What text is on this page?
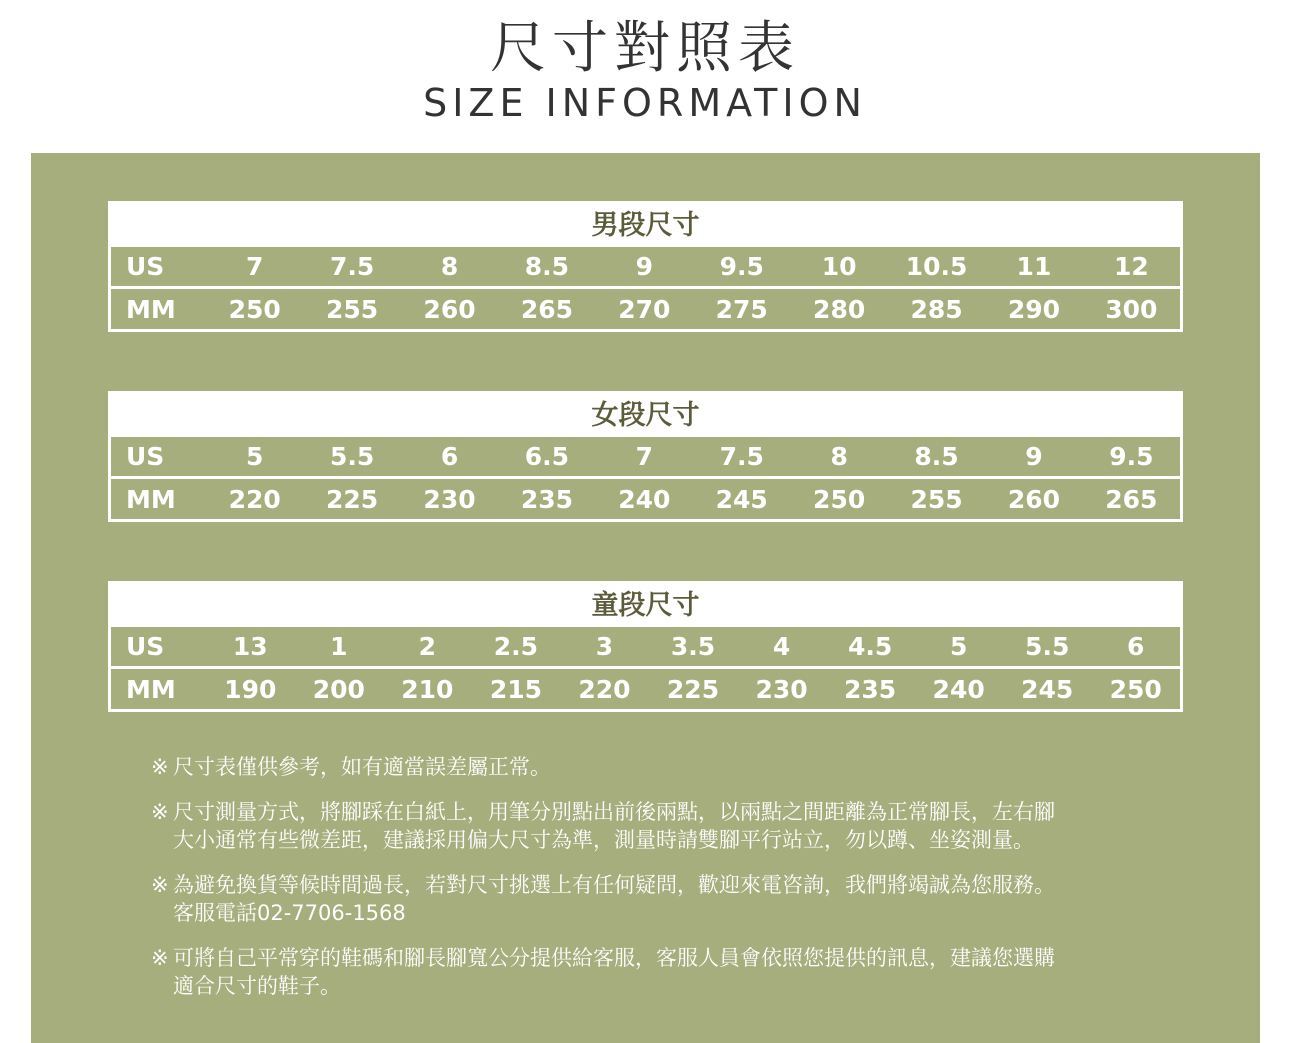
尺寸對照表
SIZE INFORMATION
男段尺寸
US	7	7.5	8	8.5	9	9.5	10	10.5	11	12
MM	250	255	260	265	270	275	280	285	290	300
女段尺寸
US	5	5.5	6	6.5	7	7.5	8	8.5	9	9.5
MM	220	225	230	235	240	245	250	255	260	265
童段尺寸
US	13	1	2	2.5	3	3.5	4	4.5	5	5.5	6
MM	190	200	210	215	220	225	230	235	240	245	250
※ 尺寸表僅供參考，如有適當誤差屬正常。
※ 尺寸測量方式，將腳踩在白紙上，用筆分別點出前後兩點，以兩點之間距離為正常腳長，左右腳
大小通常有些微差距，建議採用偏大尺寸為準，測量時請雙腳平行站立，勿以蹲、坐姿測量。
※ 為避免換貨等候時間過長，若對尺寸挑選上有任何疑問，歡迎來電咨詢，我們將竭誠為您服務。
客服電話02-7706-1568
※ 可將自己平常穿的鞋碼和腳長腳寬公分提供給客服，客服人員會依照您提供的訊息，建議您選購
適合尺寸的鞋子。
